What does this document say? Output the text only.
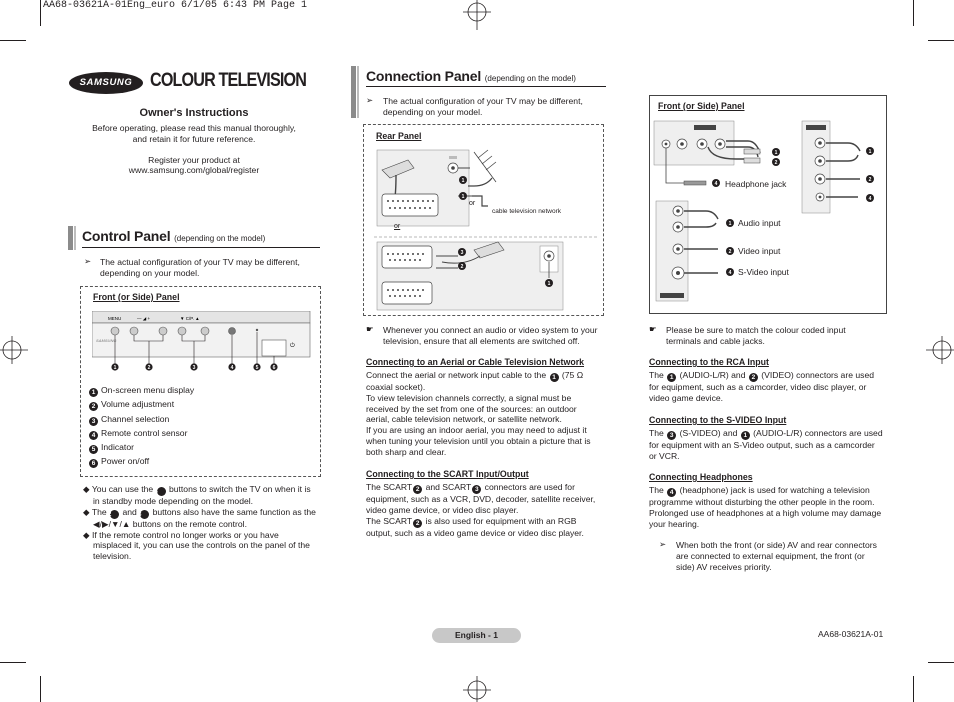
AA68-03621A-01Eng_euro 6/1/05 6:43 PM Page 1
SAMSUNG COLOUR TELEVISION
Owner's Instructions
Before operating, please read this manual thoroughly,
and retain it for future reference.
Register your product at
www.samsung.com/global/register
Control Panel (depending on the model)
➢ The actual configuration of your TV may be different,
depending on your model.
Front (or Side) Panel
MENU	— ◢ +	▼ C/P. ▲
⏻
SAMSUNG
1	2	3	4	5	6
1 On-screen menu display
2 Volume adjustment
3 Channel selection
4 Remote control sensor
5 Indicator
6 Power on/off
◆ You can use the 3 buttons to switch the TV on when it is
in standby mode depending on the model.
◆ The 2 and 3 buttons also have the same function as the
◀/▶/▼/▲ buttons on the remote control.
◆ If the remote control no longer works or you have
misplaced it, you can use the controls on the panel of the
television.
Connection Panel (depending on the model)
➢ The actual configuration of your TV may be different,
depending on your model.
Rear Panel
1
1
3
2
1
or
cable television network
or
☛ Whenever you connect an audio or video system to your
television, ensure that all elements are switched off.
Connecting to an Aerial or Cable Television Network
Connect the aerial or network input cable to the 1 (75 Ω
coaxial socket).
To view television channels correctly, a signal must be
received by the set from one of the sources: an outdoor
aerial, cable television network, or satellite network.
If you are using an indoor aerial, you may need to adjust it
when tuning your television until you obtain a picture that is
both sharp and clear.
Connecting to the SCART Input/Output
The SCART 2 and SCART 3 connectors are used for
equipment, such as a VCR, DVD, decoder, satellite receiver,
video game device, or video disc player.
The SCART 2 is also used for equipment with an RGB
output, such as a video game device or video disc player.
Front (or Side) Panel
1
2
4
1
2
4
1
2
4
Headphone jack
Audio input
Video input
S-Video input
☛ Please be sure to match the colour coded input
terminals and cable jacks.
Connecting to the RCA Input
The 1 (AUDIO-L/R) and 2 (VIDEO) connectors are used
for equipment, such as a camcorder, video disc player, or
video game device.
Connecting to the S-VIDEO Input
The 3 (S-VIDEO) and 1 (AUDIO-L/R) connectors are used
for equipment with an S-Video output, such as a camcorder
or VCR.
Connecting Headphones
The 4 (headphone) jack is used for watching a television
programme without disturbing the other people in the room.
Prolonged use of headphones at a high volume may damage
your hearing.
➢ When both the front (or side) AV and rear connectors
are connected to external equipment, the front (or
side) AV receives priority.
English - 1	AA68-03621A-01
